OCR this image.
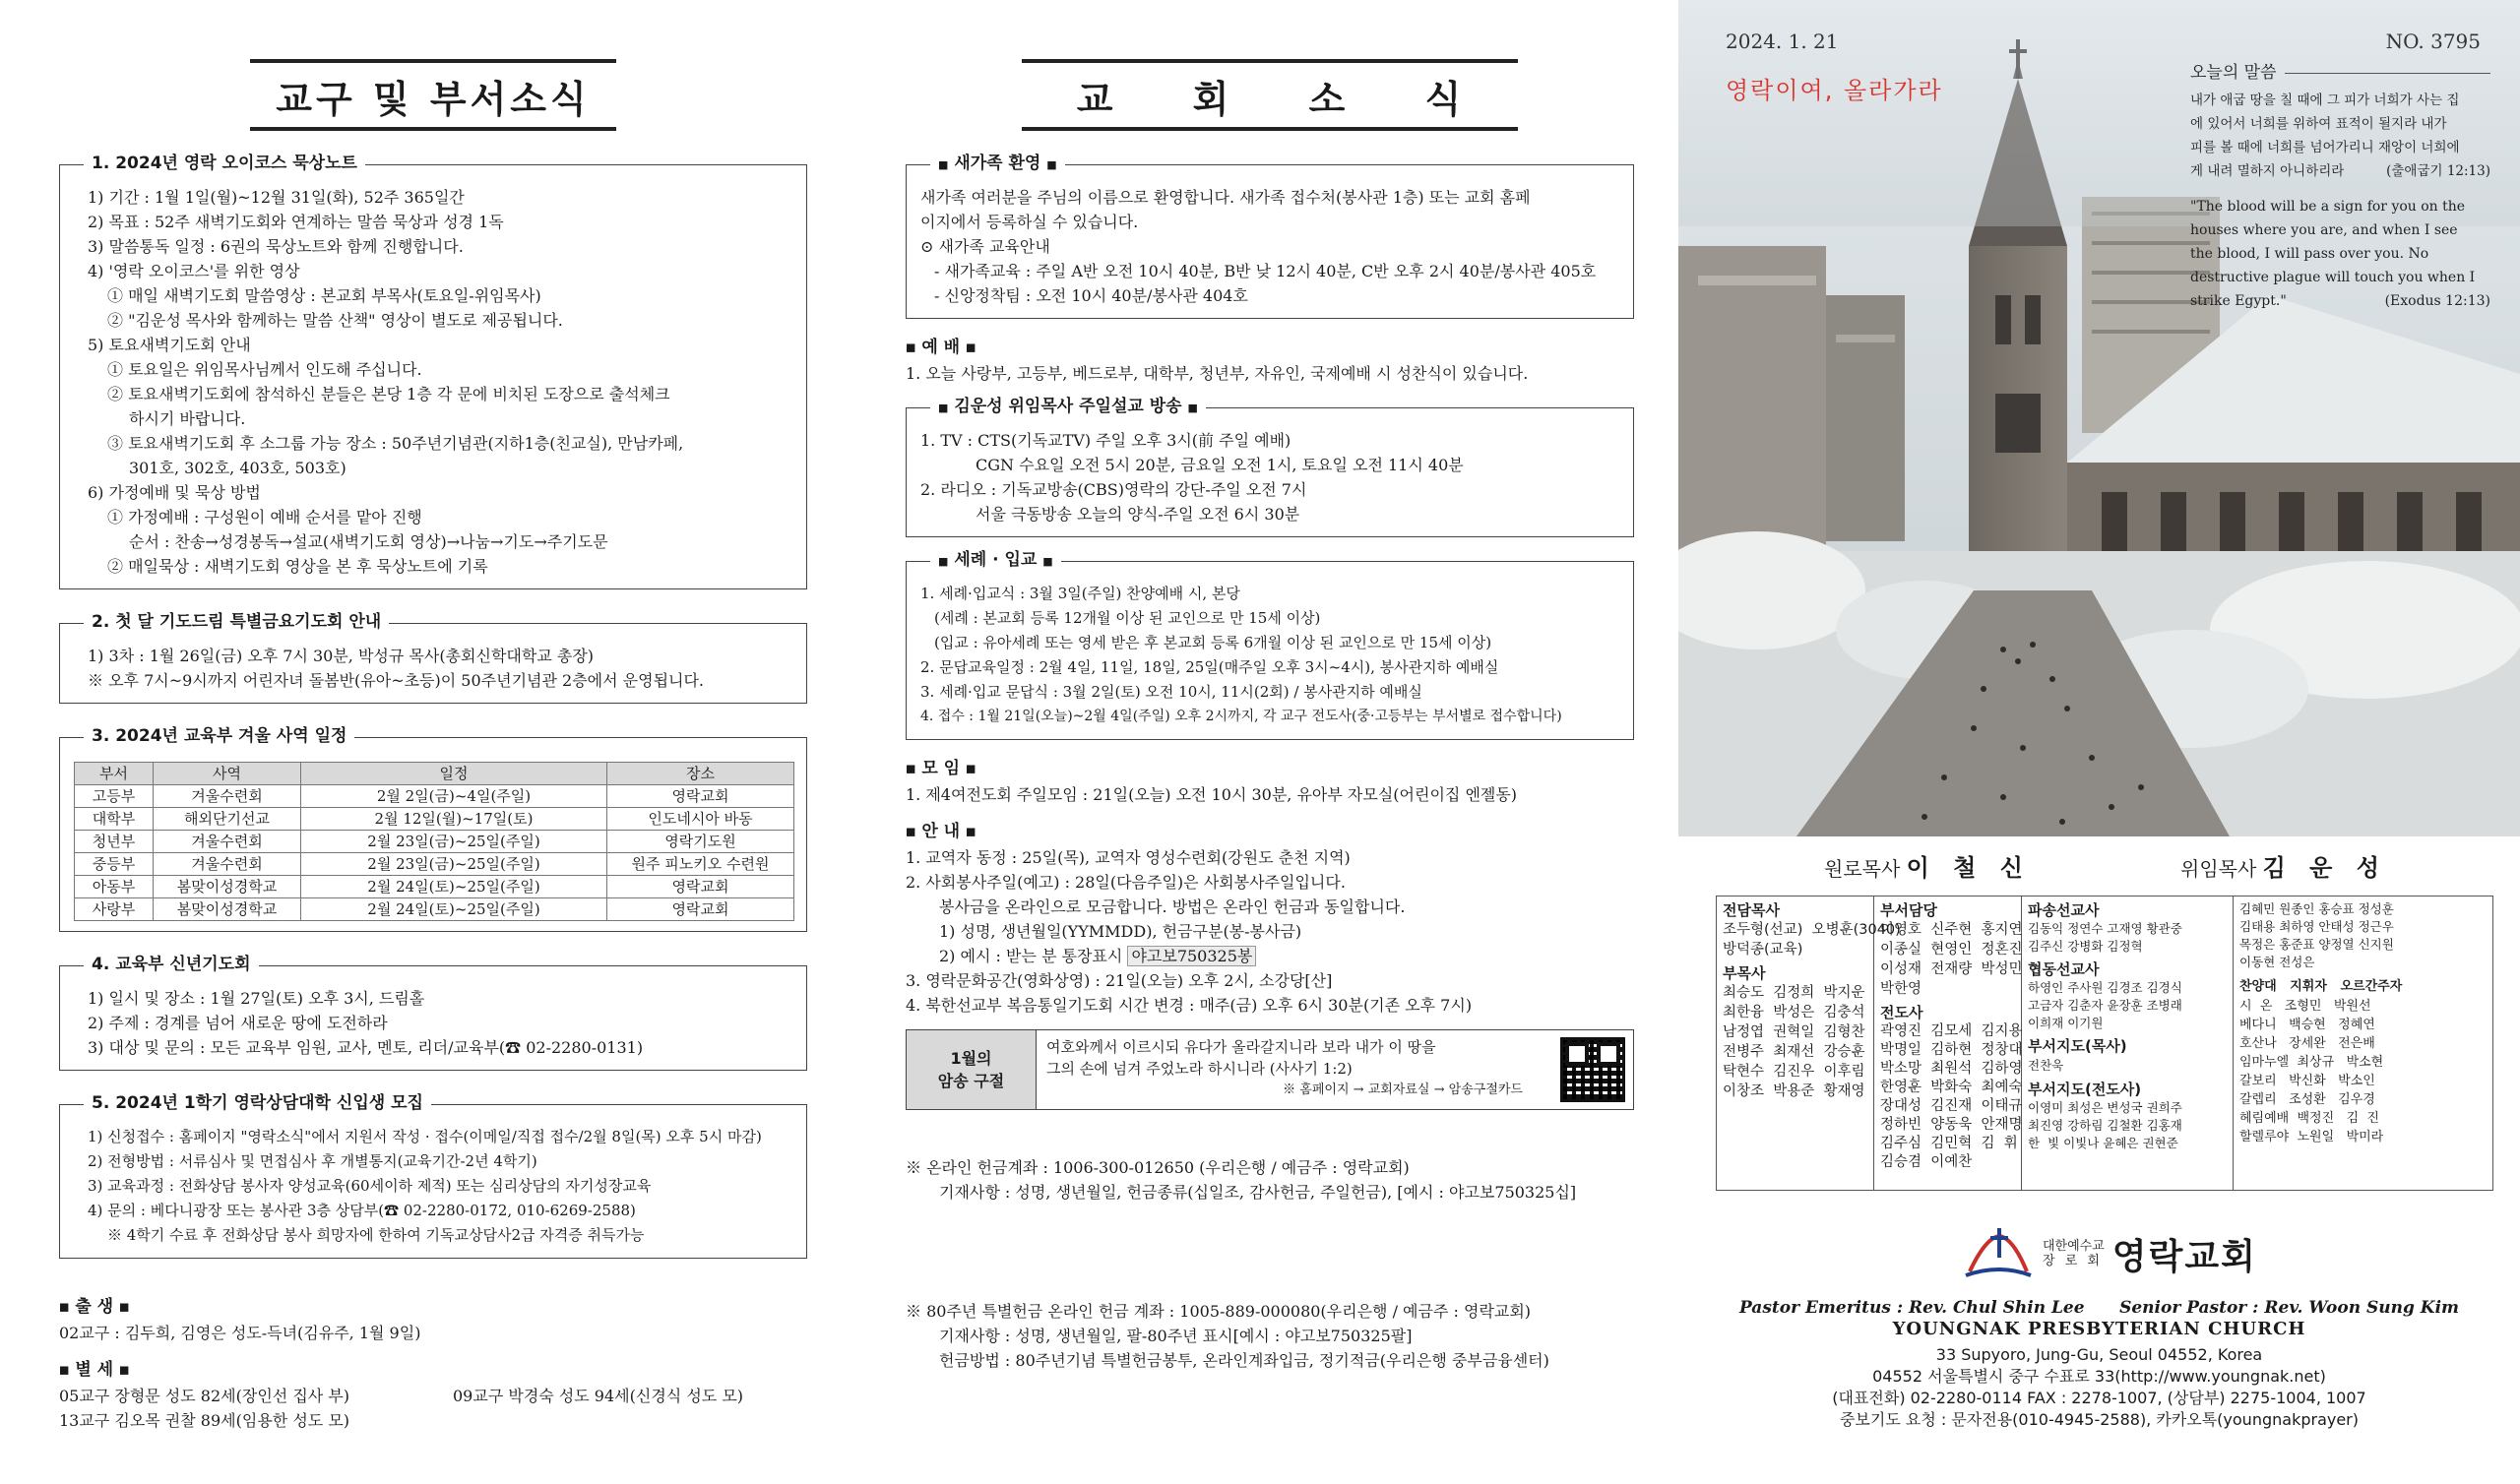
교구 및 부서소식
1. 2024년 영락 오이코스 묵상노트
1) 기간 : 1월 1일(월)~12월 31일(화), 52주 365일간
2) 목표 : 52주 새벽기도회와 연계하는 말씀 묵상과 성경 1독
3) 말씀통독 일정 : 6권의 묵상노트와 함께 진행합니다.
4) '영락 오이코스'를 위한 영상
① 매일 새벽기도회 말씀영상 : 본교회 부목사(토요일-위임목사)
② "김운성 목사와 함께하는 말씀 산책" 영상이 별도로 제공됩니다.
5) 토요새벽기도회 안내
① 토요일은 위임목사님께서 인도해 주십니다.
② 토요새벽기도회에 참석하신 분들은 본당 1층 각 문에 비치된 도장으로 출석체크
하시기 바랍니다.
③ 토요새벽기도회 후 소그룹 가능 장소 : 50주년기념관(지하1층(친교실), 만남카페,
301호, 302호, 403호, 503호)
6) 가정예배 및 묵상 방법
① 가정예배 : 구성원이 예배 순서를 맡아 진행
순서 : 찬송→성경봉독→설교(새벽기도회 영상)→나눔→기도→주기도문
② 매일묵상 : 새벽기도회 영상을 본 후 묵상노트에 기록
2. 첫 달 기도드림 특별금요기도회 안내
1) 3차 : 1월 26일(금) 오후 7시 30분, 박성규 목사(총회신학대학교 총장)
※ 오후 7시~9시까지 어린자녀 돌봄반(유아~초등)이 50주년기념관 2층에서 운영됩니다.
3. 2024년 교육부 겨울 사역 일정
부서	사역	일정	장소
고등부	겨울수련회	2월 2일(금)~4일(주일)	영락교회
대학부	해외단기선교	2월 12일(월)~17일(토)	인도네시아 바동
청년부	겨울수련회	2월 23일(금)~25일(주일)	영락기도원
중등부	겨울수련회	2월 23일(금)~25일(주일)	원주 피노키오 수련원
아동부	봄맞이성경학교	2월 24일(토)~25일(주일)	영락교회
사랑부	봄맞이성경학교	2월 24일(토)~25일(주일)	영락교회
4. 교육부 신년기도회
1) 일시 및 장소 : 1월 27일(토) 오후 3시, 드림홀
2) 주제 : 경계를 넘어 새로운 땅에 도전하라
3) 대상 및 문의 : 모든 교육부 임원, 교사, 멘토, 리더/교육부(☎ 02-2280-0131)
5. 2024년 1학기 영락상담대학 신입생 모집
1) 신청접수 : 홈페이지 "영락소식"에서 지원서 작성 · 접수(이메일/직접 접수/2월 8일(목) 오후 5시 마감)
2) 전형방법 : 서류심사 및 면접심사 후 개별통지(교육기간-2년 4학기)
3) 교육과정 : 전화상담 봉사자 양성교육(60세이하 제적) 또는 심리상담의 자기성장교육
4) 문의 : 베다니광장 또는 봉사관 3층 상담부(☎ 02-2280-0172, 010-6269-2588)
※ 4학기 수료 후 전화상담 봉사 희망자에 한하여 기독교상담사2급 자격증 취득가능
■ 출 생 ■
02교구 : 김두희, 김영은 성도-득녀(김유주, 1월 9일)
■ 별 세 ■
05교구 장형문 성도 82세(장인선 집사 부)
13교구 김오목 권찰 89세(임용한 성도 모)
09교구 박경숙 성도 94세(신경식 성도 모)
교 회 소 식
■ 새가족 환영 ■
새가족 여러분을 주님의 이름으로 환영합니다. 새가족 접수처(봉사관 1층) 또는 교회 홈페
이지에서 등록하실 수 있습니다.
⊙ 새가족 교육안내
- 새가족교육 : 주일 A반 오전 10시 40분, B반 낮 12시 40분, C반 오후 2시 40분/봉사관 405호
- 신앙정착팀 : 오전 10시 40분/봉사관 404호
■ 예 배 ■
1. 오늘 사랑부, 고등부, 베드로부, 대학부, 청년부, 자유인, 국제예배 시 성찬식이 있습니다.
■ 김운성 위임목사 주일설교 방송 ■
1. TV : CTS(기독교TV) 주일 오후 3시(前 주일 예배)
CGN 수요일 오전 5시 20분, 금요일 오전 1시, 토요일 오전 11시 40분
2. 라디오 : 기독교방송(CBS)영락의 강단-주일 오전 7시
서울 극동방송 오늘의 양식-주일 오전 6시 30분
■ 세례 · 입교 ■
1. 세례·입교식 : 3월 3일(주일) 찬양예배 시, 본당
(세례 : 본교회 등록 12개월 이상 된 교인으로 만 15세 이상)
(입교 : 유아세례 또는 영세 받은 후 본교회 등록 6개월 이상 된 교인으로 만 15세 이상)
2. 문답교육일정 : 2월 4일, 11일, 18일, 25일(매주일 오후 3시~4시), 봉사관지하 예배실
3. 세례·입교 문답식 : 3월 2일(토) 오전 10시, 11시(2회) / 봉사관지하 예배실
4. 접수 : 1월 21일(오늘)~2월 4일(주일) 오후 2시까지, 각 교구 전도사(중·고등부는 부서별로 접수합니다)
■ 모 임 ■
1. 제4여전도회 주일모임 : 21일(오늘) 오전 10시 30분, 유아부 자모실(어린이집 엔젤동)
■ 안 내 ■
1. 교역자 동정 : 25일(목), 교역자 영성수련회(강원도 춘천 지역)
2. 사회봉사주일(예고) : 28일(다음주일)은 사회봉사주일입니다.
봉사금을 온라인으로 모금합니다. 방법은 온라인 헌금과 동일합니다.
1) 성명, 생년월일(YYMMDD), 헌금구분(봉-봉사금)
2) 예시 : 받는 분 통장표시 야고보750325봉
3. 영락문화공간(영화상영) : 21일(오늘) 오후 2시, 소강당[산]
4. 북한선교부 복음통일기도회 시간 변경 : 매주(금) 오후 6시 30분(기존 오후 7시)
1월의
암송 구절
여호와께서 이르시되 유다가 올라갈지니라 보라 내가 이 땅을
그의 손에 넘겨 주었노라 하시니라 (사사기 1:2)
※ 홈페이지 → 교회자료실 → 암송구절카드
※ 온라인 헌금계좌 : 1006-300-012650 (우리은행 / 예금주 : 영락교회)
기재사항 : 성명, 생년월일, 헌금종류(십일조, 감사헌금, 주일헌금), [예시 : 야고보750325십]
※ 80주년 특별헌금 온라인 헌금 계좌 : 1005-889-000080(우리은행 / 예금주 : 영락교회)
기재사항 : 성명, 생년월일, 팔-80주년 표시[예시 : 야고보750325팔]
헌금방법 : 80주년기념 특별헌금봉투, 온라인계좌입금, 정기적금(우리은행 중부금융센터)
2024. 1. 21	NO. 3795
영락이여, 올라가라
오늘의 말씀
내가 애굽 땅을 칠 때에 그 피가 너희가 사는 집
에 있어서 너희를 위하여 표적이 될지라 내가
피를 볼 때에 너희를 넘어가리니 재앙이 너희에
게 내려 멸하지 아니하리라	(출애굽기 12:13)
"The blood will be a sign for you on the
houses where you are, and when I see
the blood, I will pass over you. No
destructive plague will touch you when I
strike Egypt."	(Exodus 12:13)
원로목사 이 철 신	위임목사 김 운 성
전담목사
조두형(선교)  오병훈(3040)
방덕종(교육)
부목사
최승도  김정희  박지운
최한융  박성은  김충석
남정엽  권혁일  김형찬
전병주  최재선  강승훈
탁현수  김진우  이후림
이창조  박용준  황재영
부서담당
이영호  신주현  홍지연
이종실  현영인  정혼진
이성재  전재량  박성민
박한영
전도사
곽영진  김모세  김지용
박명일  김하현  정창대
박소망  최원석  김하영
한영훈  박화숙  최예숙
장대성  김진재  이태규
정하빈  양동욱  안재명
김주심  김민혁  김  휘
김승겸  이예찬
파송선교사
김동익 정연수 고재영 황관중
김주신 강병화 김정혁
협동선교사
하영인 주사원 김경조 김경식
고금자 김춘자 윤장훈 조병래
이희재 이기원
부서지도(목사)
전찬욱
부서지도(전도사)
이영미 최성은 변성국 권희주
최진영 강하림 김철환 김홍재
한  빛 이빛나 윤혜은 권현준
김혜민 원종인 홍승표 정성훈
김태용 최하영 안태성 정근우
목정은 홍준표 양정열 신지원
이동현 전성은
찬양대   지휘자   오르간주자
시  온   조형민   박원선
베다니   백승현   정혜연
호산나   장세완   전은배
임마누엘  최상규   박소현
갈보리   박신화   박소인
갈렙리   조성환   김우경
헤림예배  백정진   김  진
할렐루야  노원일   박미라
대한예수교
장 로 회 영락교회
Pastor Emeritus : Rev. Chul Shin Lee      Senior Pastor : Rev. Woon Sung Kim
YOUNGNAK PRESBYTERIAN CHURCH
33 Supyoro, Jung-Gu, Seoul 04552, Korea
04552 서울특별시 중구 수표로 33(http://www.youngnak.net)
(대표전화) 02-2280-0114 FAX : 2278-1007, (상담부) 2275-1004, 1007
중보기도 요청 : 문자전용(010-4945-2588), 카카오톡(youngnakprayer)
